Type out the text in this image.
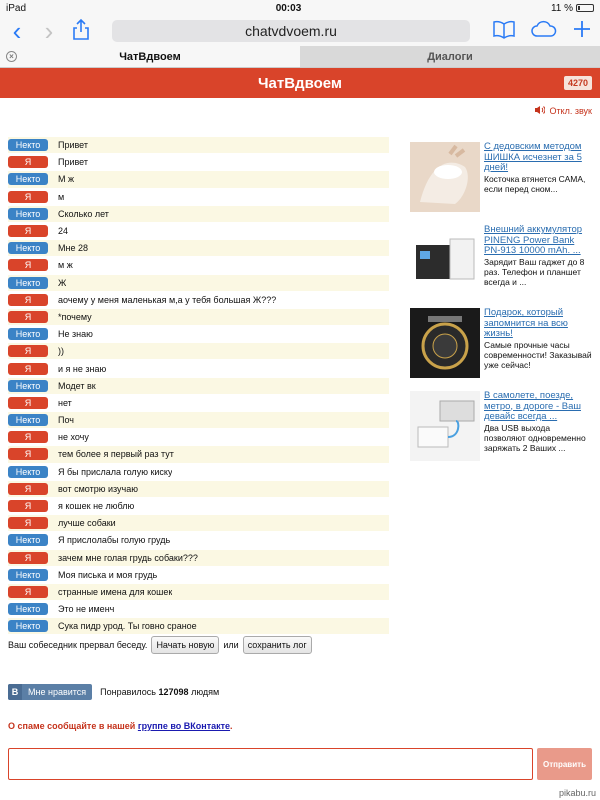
iPad	00:03	11 %
‹ ›	chatvdvoem.ru
×	ЧатВдвоем	Диалоги
ЧатВдвоем	4270
Откл. звук
Некто	Привет
Я	Привет
Некто	М ж
Я	м
Некто	Сколько лет
Я	24
Некто	Мне 28
Я	м ж
Некто	Ж
Я	аочему у меня маленькая м,а у тебя большая Ж???
Я	*почему
Некто	Не знаю
Я	))
Я	и я не знаю
Некто	Модет вк
Я	нет
Некто	Поч
Я	не хочу
Я	тем более я первый раз тут
Некто	Я бы прислала голую киску
Я	вот смотрю изучаю
Я	я кошек не люблю
Я	лучше собаки
Некто	Я прислолабы голую грудь
Я	зачем мне голая грудь собаки???
Некто	Моя писька и моя грудь
Я	странные имена для кошек
Некто	Это не именч
Некто	Сука пидр урод. Ты говно сраное
Ваш собеседник прервал беседу.	Начать новую	или	сохранить лог
В	Мне нравится Понравилось 127098 людям
О спаме сообщайте в нашей группе во ВКонтакте.
Отправить
С дедовским методом ШИШКА исчезнет за 5 дней!
Косточка втянется САМА, если перед сном...
Внешний аккумулятор PINENG Power Bank PN-913 10000 mAh. ...
Зарядит Ваш гаджет до 8 раз. Телефон и планшет всегда и ...
Подарок, который запомнится на всю жизнь!
Самые прочные часы современности! Заказывай уже сейчас!
В самолете, поезде, метро, в дороге - Ваш девайс всегда ...
Два USB выхода позволяют одновременно заряжать 2 Ваших ...
pikabu.ru
